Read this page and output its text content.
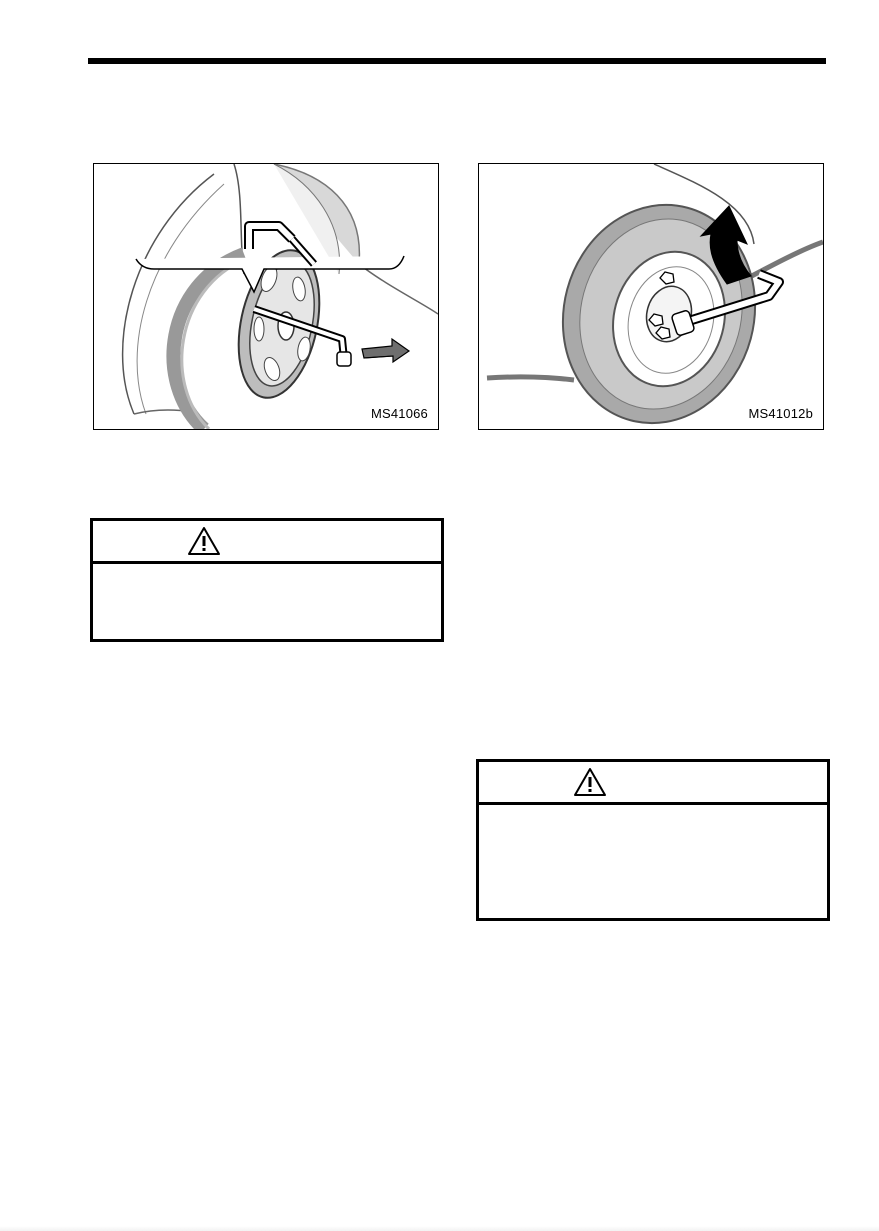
MS41066	MS41012b
